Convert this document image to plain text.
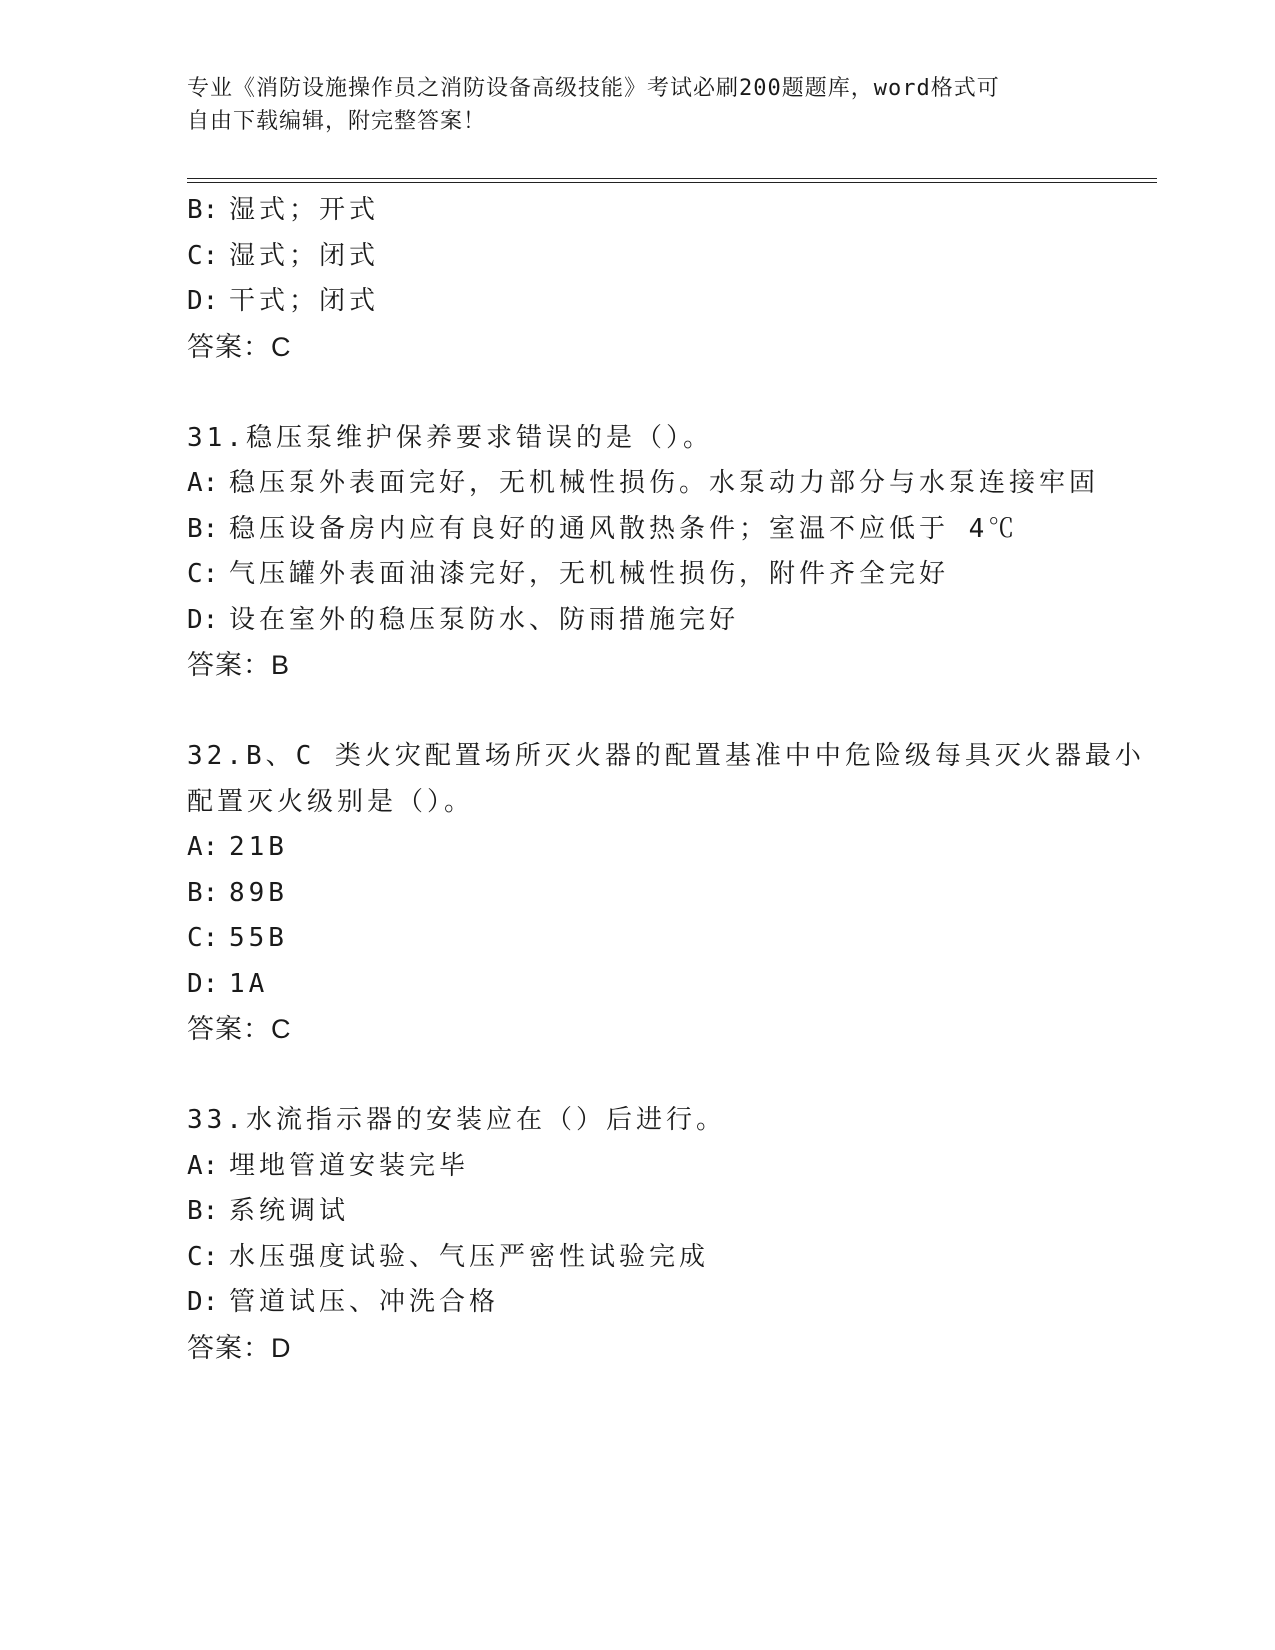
专业《消防设施操作员之消防设备高级技能》考试必刷200题题库，word格式可
自由下载编辑，附完整答案！
B: 湿式；开式
C: 湿式；闭式
D: 干式；闭式
答案：C
31.稳压泵维护保养要求错误的是（）。
A: 稳压泵外表面完好，无机械性损伤。水泵动力部分与水泵连接牢固
B: 稳压设备房内应有良好的通风散热条件；室温不应低于 4℃
C: 气压罐外表面油漆完好，无机械性损伤，附件齐全完好
D: 设在室外的稳压泵防水、防雨措施完好
答案：B
32.B、C 类火灾配置场所灭火器的配置基准中中危险级每具灭火器最小
配置灭火级别是（）。
A: 21B
B: 89B
C: 55B
D: 1A
答案：C
33.水流指示器的安装应在（）后进行。
A: 埋地管道安装完毕
B: 系统调试
C: 水压强度试验、气压严密性试验完成
D: 管道试压、冲洗合格
答案：D
